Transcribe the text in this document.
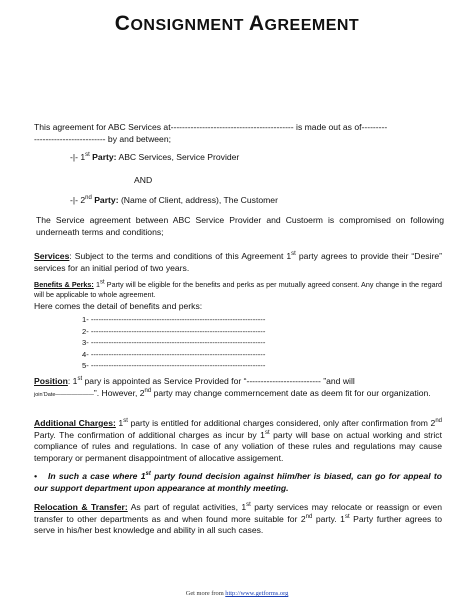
CONSIGNMENT AGREEMENT
This agreement for ABC Services at------------------------------------------- is made out as of---------
------------------------- by and between;
-|- 1st Party: ABC Services, Service Provider
AND
-|- 2nd Party: (Name of Client, address), The Customer
The Service agreement between ABC Service Provider and Custoerm is compromised on following underneath terms and conditions;
Services: Subject to the terms and conditions of this Agreement 1st party agrees to provide their “Desire” services for an initial period of two years.
Benefits & Perks: 1st Party will be eligible for the benefits and perks as per mutually agreed consent. Any change in the regard will be applicable to whole agreement.
Here comes the detail of benefits and perks:
1- ---------------------------------------------------------------------
2- ---------------------------------------------------------------------
3- ---------------------------------------------------------------------
4- ---------------------------------------------------------------------
5- ---------------------------------------------------------------------
Position: 1st pary is appointed as Service Provided for “-------------------------- ”and will
join’Date———————”. However, 2nd party may change commerncement date as deem fit for our organization.
Additional Charges: 1st party is entitled for additional charges considered, only after confirmation from 2nd Party. The confirmation of additional charges as incur by 1st party will base on actual working and strict compliance of rules and regulations. In case of any voliation of these rules and regulations may cause temporary or permanent disappointment of allocative assigement.
• In such a case where 1st party found decision against hiim/her is biased, can go for appeal to our support department upon appearance at monthly meeting.
Relocation & Transfer: As part of regulat activities, 1st party services may relocate or reassign or even transfer to other departments as and when found more suitable for 2nd party. 1st Party further agrees to serve in his/her best knowledge and ability in all such cases.
Get more from http://www.getforms.org
